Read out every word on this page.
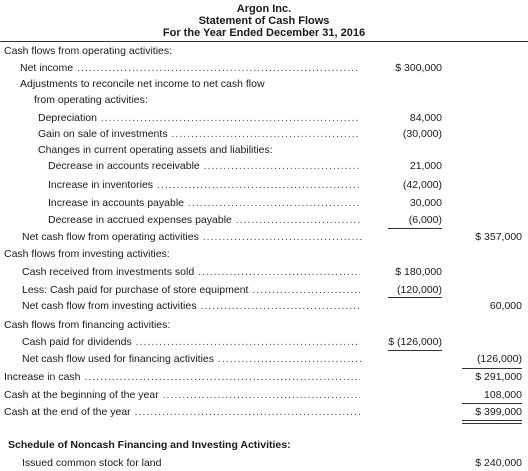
Argon Inc.
Statement of Cash Flows
For the Year Ended December 31, 2016
Cash flows from operating activities:
Net income .....	$ 300,000
Adjustments to reconcile net income to net cash flow
from operating activities:
Depreciation .....	84,000
Gain on sale of investments .....	(30,000)
Changes in current operating assets and liabilities:
Decrease in accounts receivable .....	21,000
Increase in inventories .....	(42,000)
Increase in accounts payable .....	30,000
Decrease in accrued expenses payable .....	(6,000)
Net cash flow from operating activities .....	$ 357,000
Cash flows from investing activities:
Cash received from investments sold .....	$ 180,000
Less: Cash paid for purchase of store equipment .....	(120,000)
Net cash flow from investing activities .....	60,000
Cash flows from financing activities:
Cash paid for dividends .....	$ (126,000)
Net cash flow used for financing activities .....	(126,000)
Increase in cash .....	$ 291,000
Cash at the beginning of the year .....	108,000
Cash at the end of the year .....	$ 399,000
Schedule of Noncash Financing and Investing Activities:
Issued common stock for land	$ 240,000
